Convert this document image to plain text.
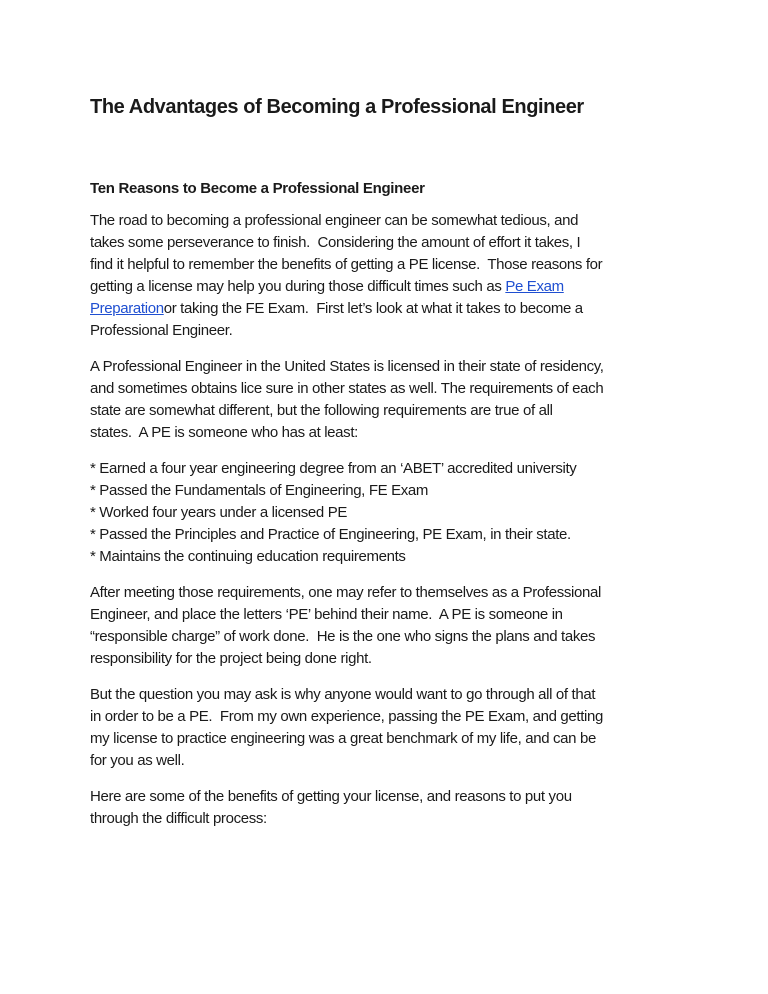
The Advantages of Becoming a Professional Engineer
Ten Reasons to Become a Professional Engineer

The road to becoming a professional engineer can be somewhat tedious, and
takes some perseverance to finish.  Considering the amount of effort it takes, I
find it helpful to remember the benefits of getting a PE license.  Those reasons for
getting a license may help you during those difficult times such as Pe Exam
Preparationor taking the FE Exam.  First let’s look at what it takes to become a
Professional Engineer.

A Professional Engineer in the United States is licensed in their state of residency,
and sometimes obtains lice sure in other states as well. The requirements of each
state are somewhat different, but the following requirements are true of all
states.  A PE is someone who has at least:

* Earned a four year engineering degree from an ‘ABET’ accredited university
* Passed the Fundamentals of Engineering, FE Exam
* Worked four years under a licensed PE
* Passed the Principles and Practice of Engineering, PE Exam, in their state.
* Maintains the continuing education requirements

After meeting those requirements, one may refer to themselves as a Professional
Engineer, and place the letters ‘PE’ behind their name.  A PE is someone in
“responsible charge” of work done.  He is the one who signs the plans and takes
responsibility for the project being done right.

But the question you may ask is why anyone would want to go through all of that
in order to be a PE.  From my own experience, passing the PE Exam, and getting
my license to practice engineering was a great benchmark of my life, and can be
for you as well.

Here are some of the benefits of getting your license, and reasons to put you
through the difficult process:
